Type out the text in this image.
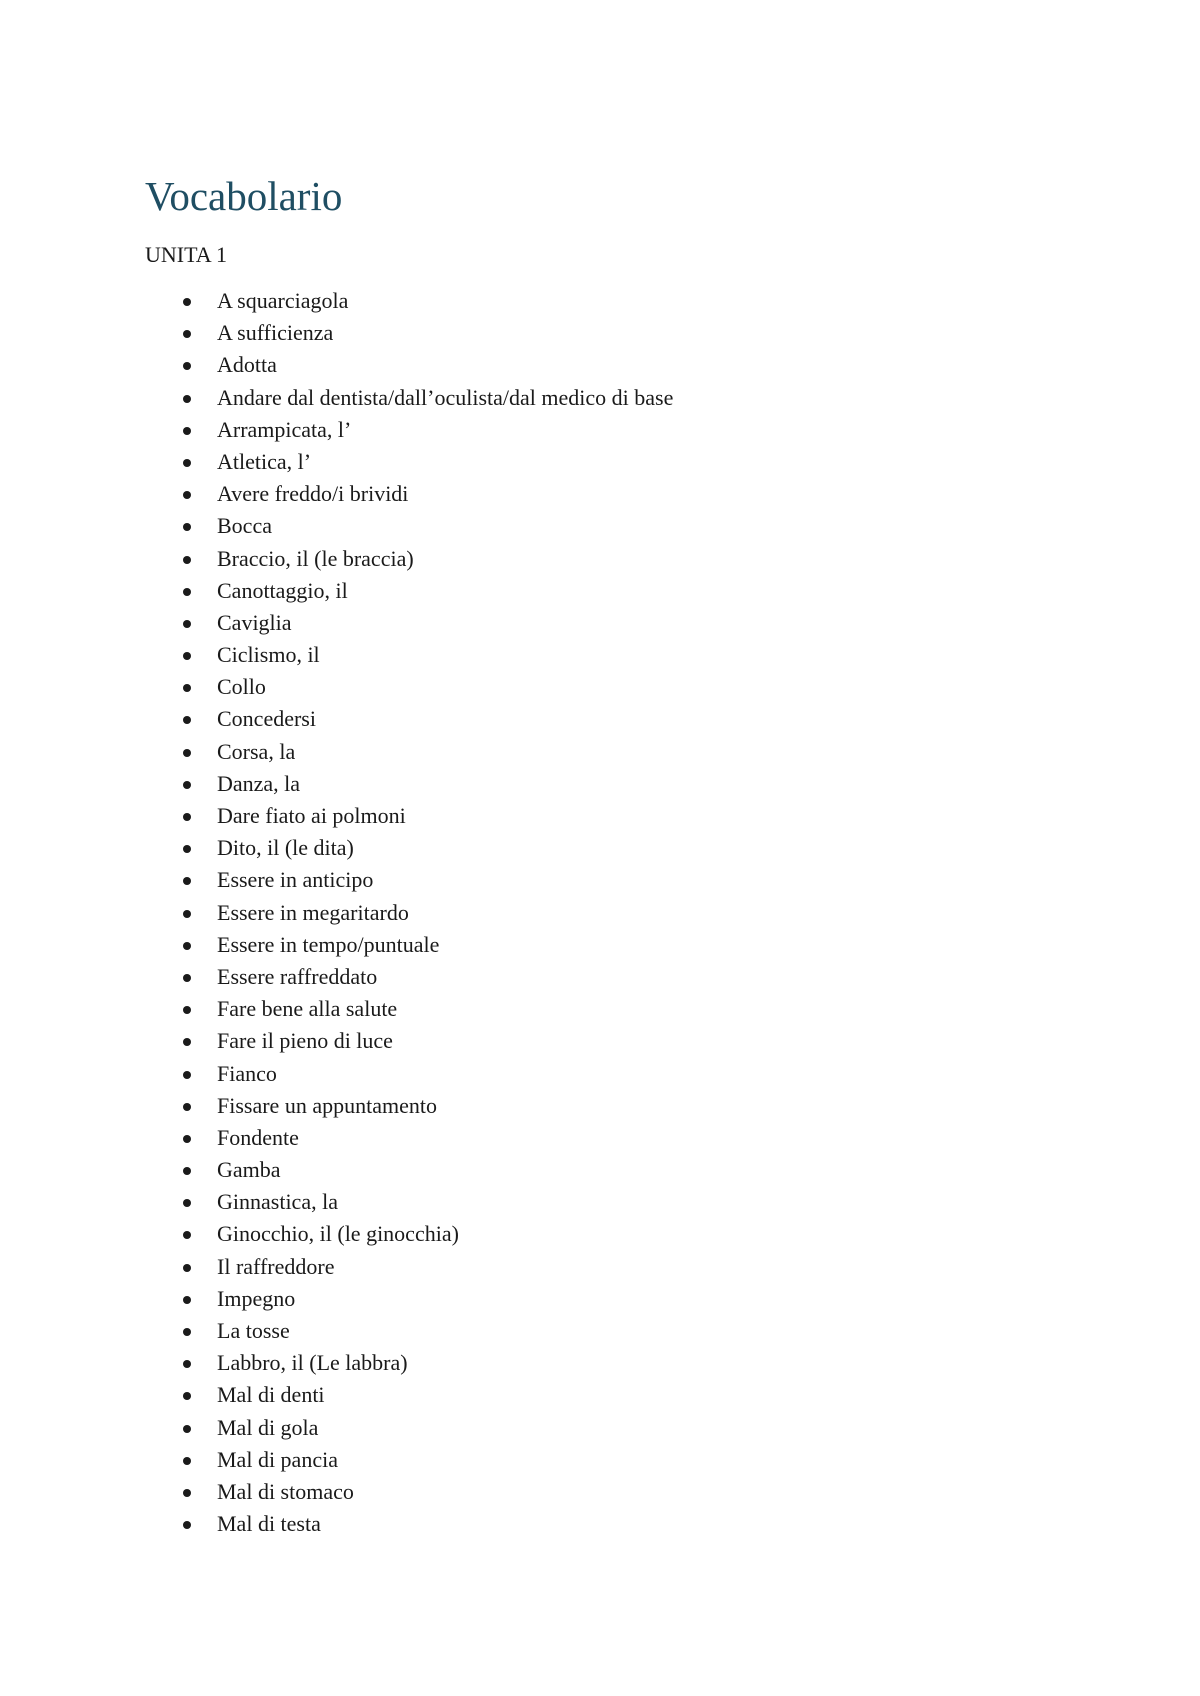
Vocabolario

UNITA 1

A squarciagola
A sufficienza
Adotta
Andare dal dentista/dall’oculista/dal medico di base
Arrampicata, l’
Atletica, l’
Avere freddo/i brividi
Bocca
Braccio, il (le braccia)
Canottaggio, il
Caviglia
Ciclismo, il
Collo
Concedersi
Corsa, la
Danza, la
Dare fiato ai polmoni
Dito, il (le dita)
Essere in anticipo
Essere in megaritardo
Essere in tempo/puntuale
Essere raffreddato
Fare bene alla salute
Fare il pieno di luce
Fianco
Fissare un appuntamento
Fondente
Gamba
Ginnastica, la
Ginocchio, il (le ginocchia)
Il raffreddore
Impegno
La tosse
Labbro, il (Le labbra)
Mal di denti
Mal di gola
Mal di pancia
Mal di stomaco
Mal di testa
